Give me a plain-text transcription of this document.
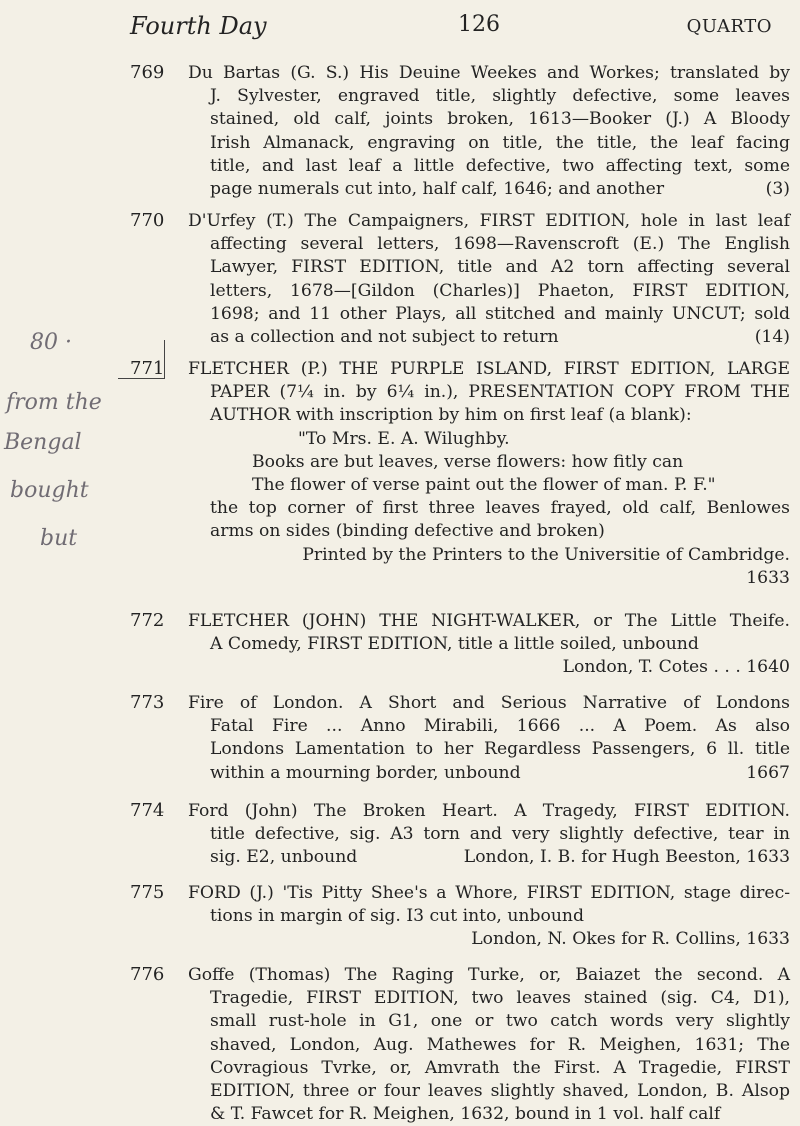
Fourth Day	126	QUARTO
80 ·
from the
Bengal
bought
but
769	Du Bartas (G. S.) His Deuine Weekes and Workes; translated by
J. Sylvester, engraved title, slightly defective, some leaves
stained, old calf, joints broken, 1613—Booker (J.) A Bloody
Irish Almanack, engraving on title, the title, the leaf facing
title, and last leaf a little defective, two affecting text, some
page numerals cut into, half calf, 1646; and another	(3)
770	D'Urfey (T.) The Campaigners, FIRST EDITION, hole in last leaf
affecting several letters, 1698—Ravenscroft (E.) The English
Lawyer, FIRST EDITION, title and A2 torn affecting several
letters, 1678—[Gildon (Charles)] Phaeton, FIRST EDITION,
1698; and 11 other Plays, all stitched and mainly UNCUT; sold
as a collection and not subject to return	(14)
771	FLETCHER (P.) THE PURPLE ISLAND, FIRST EDITION, LARGE
PAPER (7¼ in. by 6¼ in.), PRESENTATION COPY FROM THE
AUTHOR with inscription by him on first leaf (a blank):
"To Mrs. E. A. Wilughby.
Books are but leaves, verse flowers: how fitly can
The flower of verse paint out the flower of man. P. F."
the top corner of first three leaves frayed, old calf, Benlowes
arms on sides (binding defective and broken)
Printed by the Printers to the Universitie of Cambridge.
1633
772	FLETCHER (JOHN) THE NIGHT-WALKER, or The Little Theife.
A Comedy, FIRST EDITION, title a little soiled, unbound
London, T. Cotes . . . 1640
773	Fire of London. A Short and Serious Narrative of Londons
Fatal Fire ... Anno Mirabili, 1666 ... A Poem. As also
Londons Lamentation to her Regardless Passengers, 6 ll. title
within a mourning border, unbound	1667
774	Ford (John) The Broken Heart. A Tragedy, FIRST EDITION.
title defective, sig. A3 torn and very slightly defective, tear in
sig. E2, unbound	London, I. B. for Hugh Beeston, 1633
775	FORD (J.) 'Tis Pitty Shee's a Whore, FIRST EDITION, stage direc-
tions in margin of sig. I3 cut into, unbound
London, N. Okes for R. Collins, 1633
776	Goffe (Thomas) The Raging Turke, or, Baiazet the second. A
Tragedie, FIRST EDITION, two leaves stained (sig. C4, D1),
small rust-hole in G1, one or two catch words very slightly
shaved, London, Aug. Mathewes for R. Meighen, 1631; The
Covragious Tvrke, or, Amvrath the First. A Tragedie, FIRST
EDITION, three or four leaves slightly shaved, London, B. Alsop
& T. Fawcet for R. Meighen, 1632, bound in 1 vol. half calf
